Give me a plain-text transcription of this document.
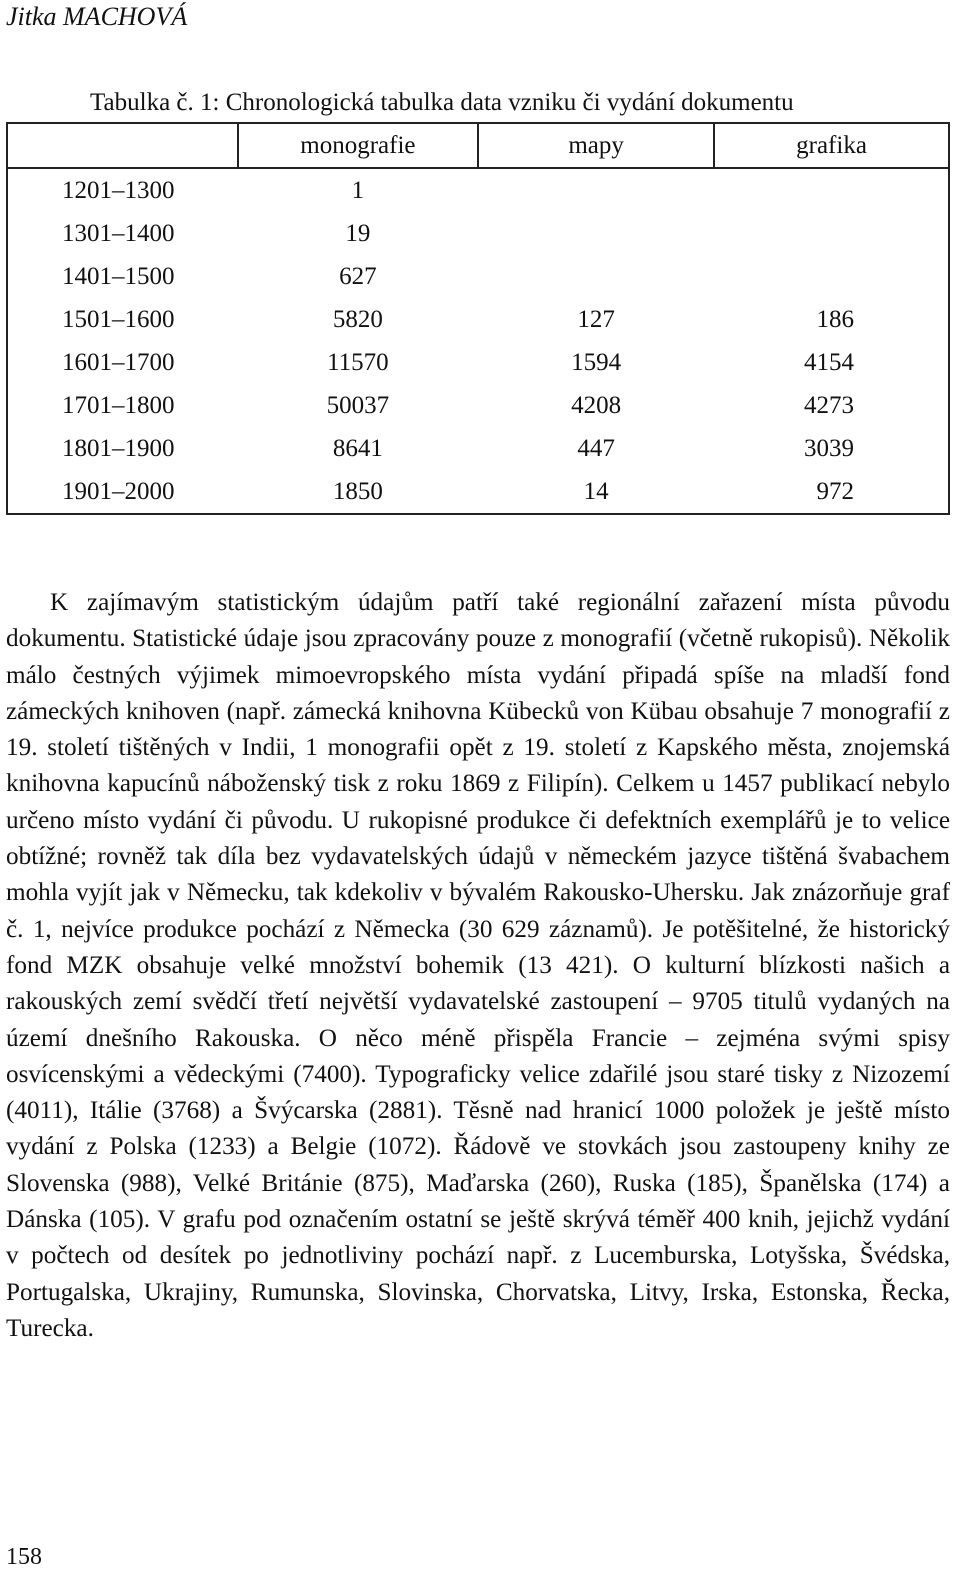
Jitka MACHOVÁ
Tabulka č. 1: Chronologická tabulka data vzniku či vydání dokumentu
	monografie	mapy	grafika
1201–1300	1		
1301–1400	19		
1401–1500	627		
1501–1600	5820	127	186
1601–1700	11570	1594	4154
1701–1800	50037	4208	4273
1801–1900	8641	447	3039
1901–2000	1850	14	972

K zajímavým statistickým údajům patří také regionální zařazení místa původu dokumentu. Statistické údaje jsou zpracovány pouze z monografií (včetně rukopisů). Několik málo čestných výjimek mimoevropského místa vydání připadá spíše na mladší fond zámeckých knihoven (např. zámecká knihovna Kübecků von Kübau obsahuje 7 monografií z 19. století tištěných v Indii, 1 monografii opět z 19. století z Kapského města, znojemská knihovna kapucínů náboženský tisk z roku 1869 z Filipín). Celkem u 1457 publikací nebylo určeno místo vydání či původu. U rukopisné produkce či defektních exemplářů je to velice obtížné; rovněž tak díla bez vydavatelských údajů v německém jazyce tištěná švabachem mohla vyjít jak v Německu, tak kdekoliv v bývalém Rakousko-Uhersku. Jak znázorňuje graf č. 1, nejvíce produkce pochází z Německa (30 629 záznamů). Je potěšitelné, že historický fond MZK obsahuje velké množství bohemik (13 421). O kulturní blízkosti našich a rakouských zemí svědčí třetí největší vydavatelské zastoupení – 9705 titulů vydaných na území dnešního Rakouska. O něco méně přispěla Francie – zejména svými spisy osvícenskými a vědeckými (7400). Typograficky velice zdařilé jsou staré tisky z Nizozemí (4011), Itálie (3768) a Švýcarska (2881). Těsně nad hranicí 1000 položek je ještě místo vydání z Polska (1233) a Belgie (1072). Řádově ve stovkách jsou zastoupeny knihy ze Slovenska (988), Velké Británie (875), Maďarska (260), Ruska (185), Španělska (174) a Dánska (105). V grafu pod označením ostatní se ještě skrývá téměř 400 knih, jejichž vydání v počtech od desítek po jednotliviny pochází např. z Lucemburska, Lotyšska, Švédska, Portugalska, Ukrajiny, Rumunska, Slovinska, Chorvatska, Litvy, Irska, Estonska, Řecka, Turecka.

158
